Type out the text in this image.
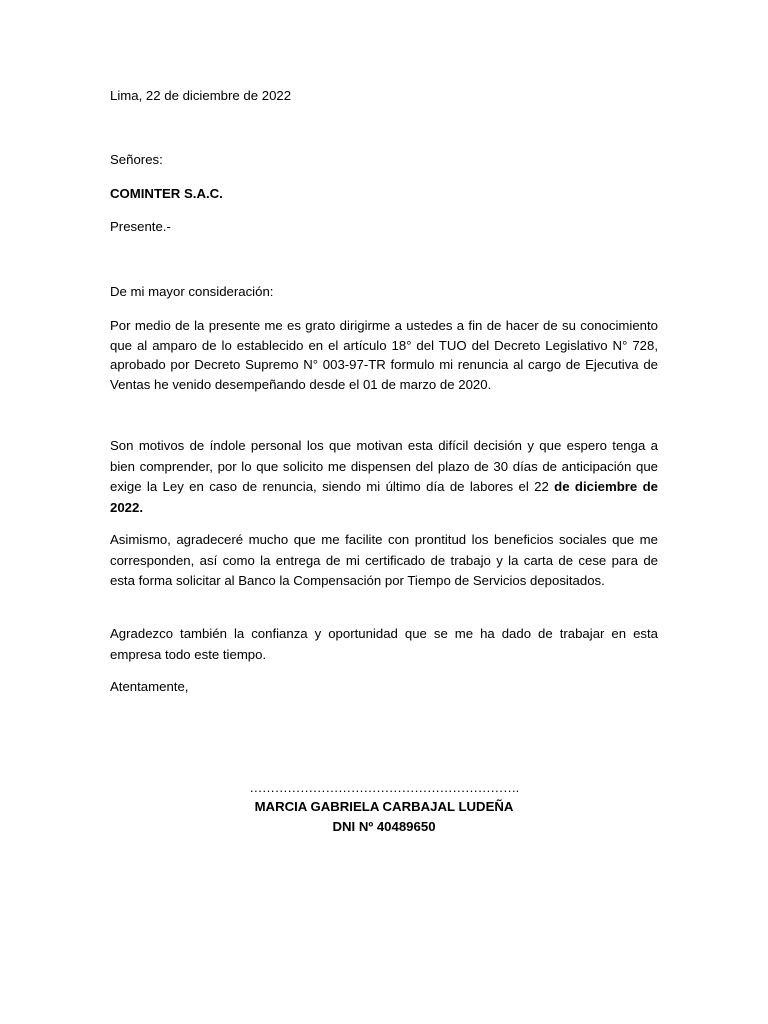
Lima, 22 de diciembre de 2022

Señores:

COMINTER S.A.C.

Presente.-

De mi mayor consideración:

Por medio de la presente me es grato dirigirme a ustedes a fin de hacer de su conocimiento que al amparo de lo establecido en el artículo 18° del TUO del Decreto Legislativo N° 728, aprobado por Decreto Supremo N° 003-97-TR formulo mi renuncia al cargo de Ejecutiva de Ventas he venido desempeñando desde el 01 de marzo de 2020.

Son motivos de índole personal los que motivan esta difícil decisión y que espero tenga a bien comprender, por lo que solicito me dispensen del plazo de 30 días de anticipación que exige la Ley en caso de renuncia, siendo mi último día de labores el 22 de diciembre de 2022.

Asimismo, agradeceré mucho que me facilite con prontitud los beneficios sociales que me corresponden, así como la entrega de mi certificado de trabajo y la carta de cese para de esta forma solicitar al Banco la Compensación por Tiempo de Servicios depositados.

Agradezco también la confianza y oportunidad que se me ha dado de trabajar en esta empresa todo este tiempo.

Atentamente,

……………………………………………………….

MARCIA GABRIELA CARBAJAL LUDEÑA

DNI Nº 40489650
